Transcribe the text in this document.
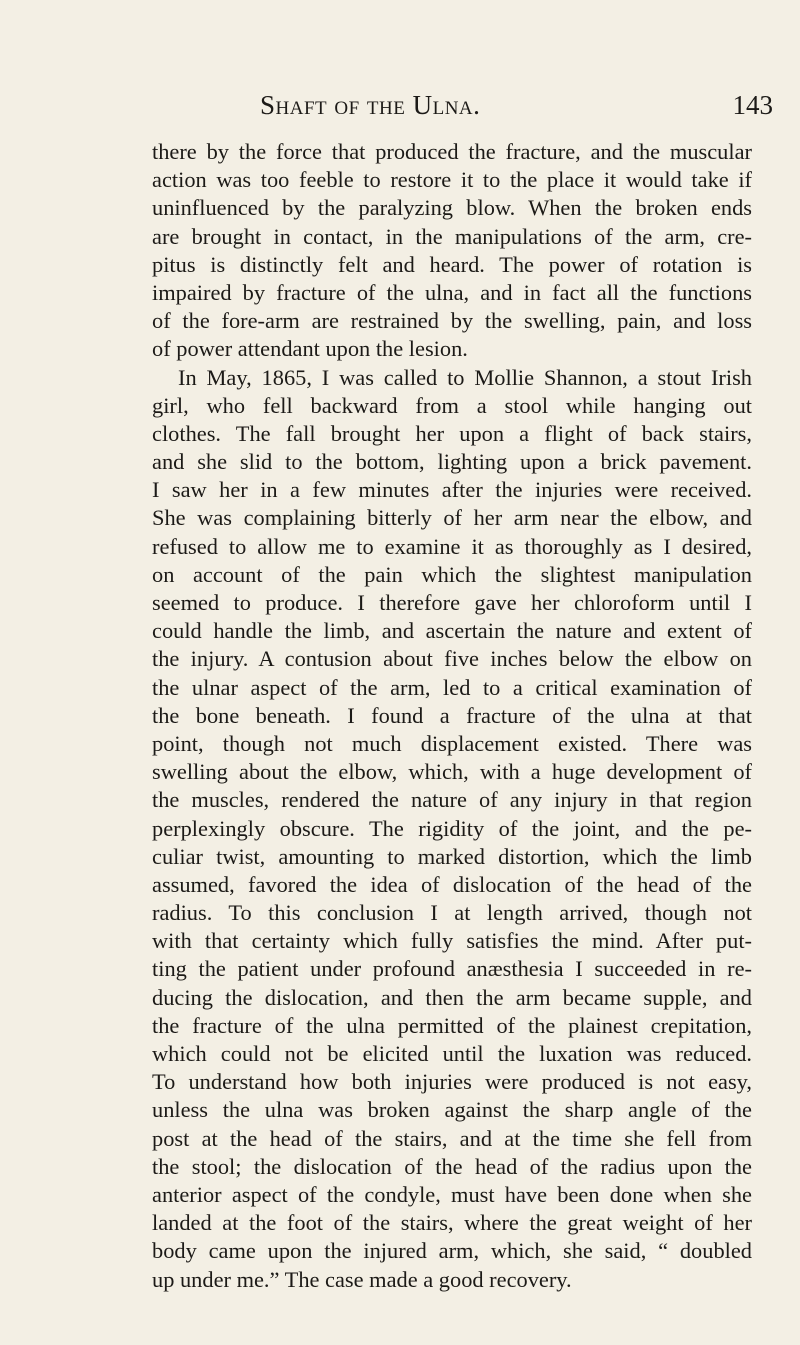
Shaft of the Ulna.	143
there by the force that produced the fracture, and the muscular
action was too feeble to restore it to the place it would take if
uninfluenced by the paralyzing blow. When the broken ends
are brought in contact, in the manipulations of the arm, cre-
pitus is distinctly felt and heard. The power of rotation is
impaired by fracture of the ulna, and in fact all the functions
of the fore-arm are restrained by the swelling, pain, and loss
of power attendant upon the lesion.
In May, 1865, I was called to Mollie Shannon, a stout Irish
girl, who fell backward from a stool while hanging out
clothes. The fall brought her upon a flight of back stairs,
and she slid to the bottom, lighting upon a brick pavement.
I saw her in a few minutes after the injuries were received.
She was complaining bitterly of her arm near the elbow, and
refused to allow me to examine it as thoroughly as I desired,
on account of the pain which the slightest manipulation
seemed to produce. I therefore gave her chloroform until I
could handle the limb, and ascertain the nature and extent of
the injury. A contusion about five inches below the elbow on
the ulnar aspect of the arm, led to a critical examination of
the bone beneath. I found a fracture of the ulna at that
point, though not much displacement existed. There was
swelling about the elbow, which, with a huge development of
the muscles, rendered the nature of any injury in that region
perplexingly obscure. The rigidity of the joint, and the pe-
culiar twist, amounting to marked distortion, which the limb
assumed, favored the idea of dislocation of the head of the
radius. To this conclusion I at length arrived, though not
with that certainty which fully satisfies the mind. After put-
ting the patient under profound anæsthesia I succeeded in re-
ducing the dislocation, and then the arm became supple, and
the fracture of the ulna permitted of the plainest crepitation,
which could not be elicited until the luxation was reduced.
To understand how both injuries were produced is not easy,
unless the ulna was broken against the sharp angle of the
post at the head of the stairs, and at the time she fell from
the stool; the dislocation of the head of the radius upon the
anterior aspect of the condyle, must have been done when she
landed at the foot of the stairs, where the great weight of her
body came upon the injured arm, which, she said, “ doubled
up under me.” The case made a good recovery.
